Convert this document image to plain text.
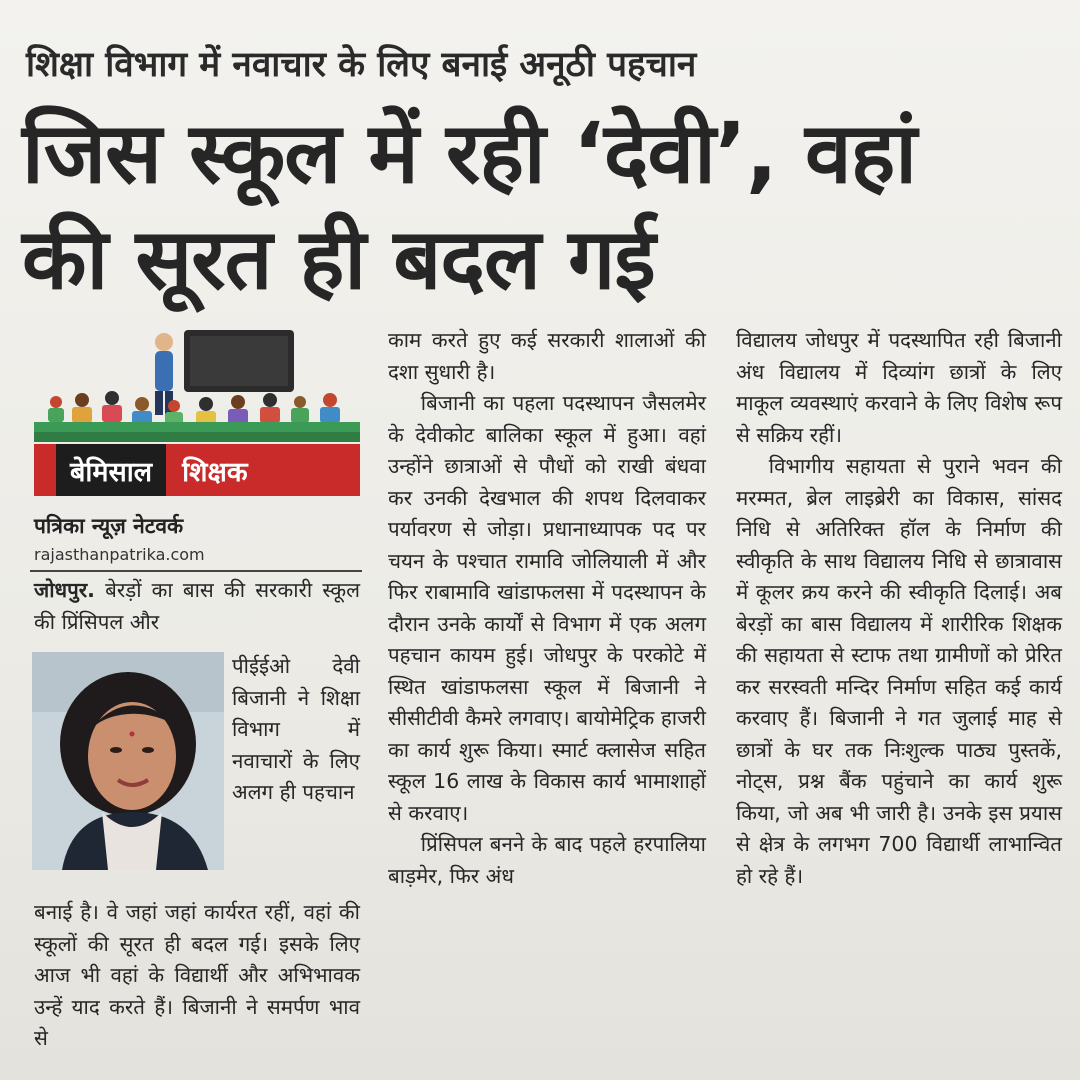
शिक्षा विभाग में नवाचार के लिए बनाई अनूठी पहचान
जिस स्कूल में रही ‘देवी’, वहां
की सूरत ही बदल गई
बेमिसाल	शिक्षक
पत्रिका न्यूज़ नेटवर्क
rajasthanpatrika.com

जोधपुर. बेरड़ों का बास की सरकारी स्कूल की प्रिंसिपल और

पीईईओ देवी बिजानी ने शिक्षा विभाग में नवाचारों के लिए अलग ही पहचान
बनाई है। वे जहां जहां कार्यरत रहीं, वहां की स्कूलों की सूरत ही बदल गई। इसके लिए आज भी वहां के विद्यार्थी और अभिभावक उन्हें याद करते हैं। बिजानी ने समर्पण भाव से

काम करते हुए कई सरकारी शालाओं की दशा सुधारी है।

बिजानी का पहला पदस्थापन जैसलमेर के देवीकोट बालिका स्कूल में हुआ। वहां उन्होंने छात्राओं से पौधों को राखी बंधवा कर उनकी देखभाल की शपथ दिलवाकर पर्यावरण से जोड़ा। प्रधानाध्यापक पद पर चयन के पश्चात रामावि जोलियाली में और फिर राबामावि खांडाफलसा में पदस्थापन के दौरान उनके कार्यों से विभाग में एक अलग पहचान कायम हुई। जोधपुर के परकोटे में स्थित खांडाफलसा स्कूल में बिजानी ने सीसीटीवी कैमरे लगवाए। बायोमेट्रिक हाजरी का कार्य शुरू किया। स्मार्ट क्लासेज सहित स्कूल 16 लाख के विकास कार्य भामाशाहों से करवाए।

प्रिंसिपल बनने के बाद पहले हरपालिया बाड़मेर, फिर अंध

विद्यालय जोधपुर में पदस्थापित रही बिजानी अंध विद्यालय में दिव्यांग छात्रों के लिए माकूल व्यवस्थाएं करवाने के लिए विशेष रूप से सक्रिय रहीं।

विभागीय सहायता से पुराने भवन की मरम्मत, ब्रेल लाइब्रेरी का विकास, सांसद निधि से अतिरिक्त हॉल के निर्माण की स्वीकृति के साथ विद्यालय निधि से छात्रावास में कूलर क्रय करने की स्वीकृति दिलाई। अब बेरड़ों का बास विद्यालय में शारीरिक शिक्षक की सहायता से स्टाफ तथा ग्रामीणों को प्रेरित कर सरस्वती मन्दिर निर्माण सहित कई कार्य करवाए हैं। बिजानी ने गत जुलाई माह से छात्रों के घर तक निःशुल्क पाठ्य पुस्तकें, नोट्स, प्रश्न बैंक पहुंचाने का कार्य शुरू किया, जो अब भी जारी है। उनके इस प्रयास से क्षेत्र के लगभग 700 विद्यार्थी लाभान्वित हो रहे हैं।
